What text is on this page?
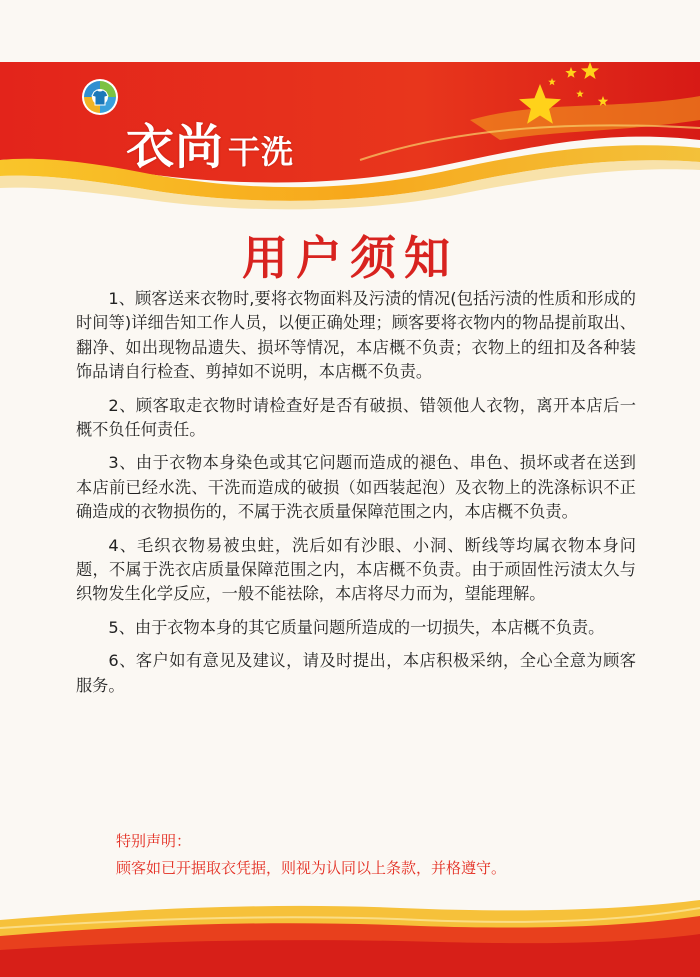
衣尚 干洗
用户须知

1、顾客送来衣物时,要将衣物面料及污渍的情况(包括污渍的性质和形成的时间等)详细告知工作人员，以便正确处理；顾客要将衣物内的物品提前取出、翻净、如出现物品遗失、损坏等情况，本店概不负责；衣物上的纽扣及各种装饰品请自行检查、剪掉如不说明，本店概不负责。

2、顾客取走衣物时请检查好是否有破损、错领他人衣物，离开本店后一概不负任何责任。

3、由于衣物本身染色或其它问题而造成的褪色、串色、损坏或者在送到本店前已经水洗、干洗而造成的破损（如西装起泡）及衣物上的洗涤标识不正确造成的衣物损伤的，不属于洗衣质量保障范围之内，本店概不负责。

4、毛织衣物易被虫蛀，洗后如有沙眼、小洞、断线等均属衣物本身问题，不属于洗衣店质量保障范围之内，本店概不负责。由于顽固性污渍太久与织物发生化学反应，一般不能祛除，本店将尽力而为，望能理解。

5、由于衣物本身的其它质量问题所造成的一切损失，本店概不负责。

6、客户如有意见及建议，请及时提出，本店积极采纳，全心全意为顾客服务。

特别声明：
顾客如已开据取衣凭据，则视为认同以上条款，并格遵守。
